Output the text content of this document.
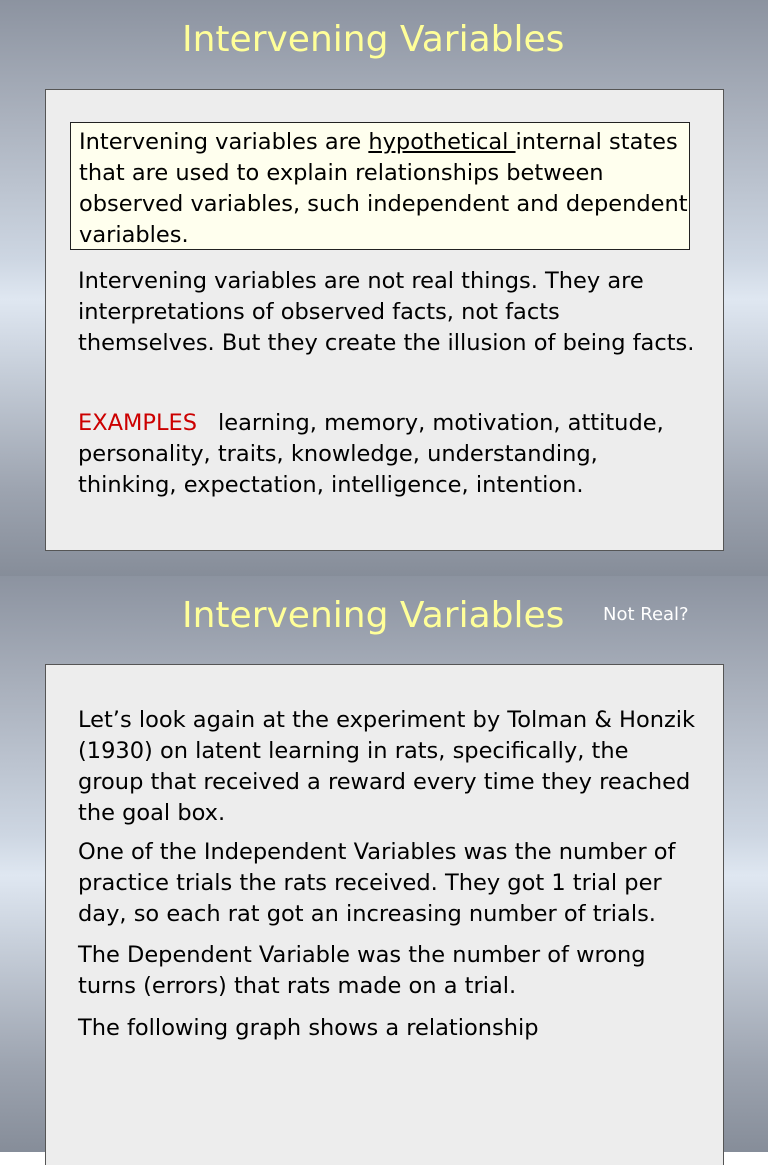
Intervening Variables
Intervening variables are hypothetical internal states that are used to explain relationships between observed variables, such independent and dependent variables.
Intervening variables are not real things. They are interpretations of observed facts, not facts themselves. But they create the illusion of being facts.
EXAMPLES learning, memory, motivation, attitude, personality, traits, knowledge, understanding, thinking, expectation, intelligence, intention.
Intervening Variables Not Real?
Let’s look again at the experiment by Tolman & Honzik (1930) on latent learning in rats, specifically, the group that received a reward every time they reached the goal box.
One of the Independent Variables was the number of practice trials the rats received. They got 1 trial per day, so each rat got an increasing number of trials.
The Dependent Variable was the number of wrong turns (errors) that rats made on a trial.
The following graph shows a relationship
